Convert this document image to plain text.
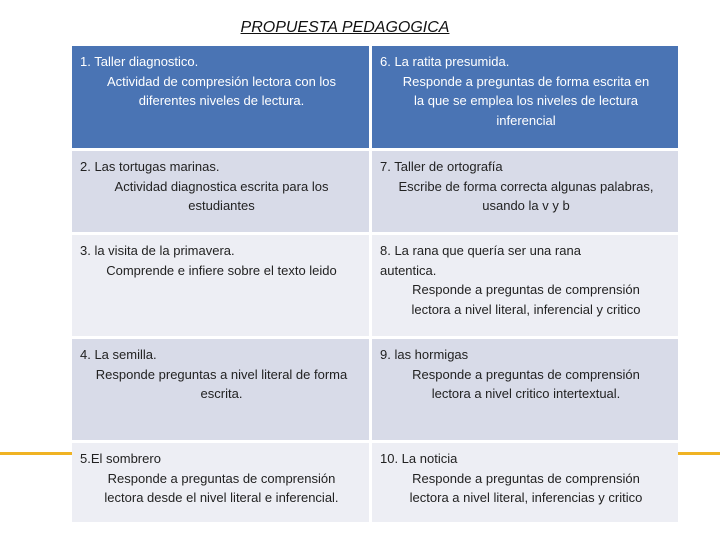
PROPUESTA PEDAGOGICA
1. Taller diagnostico.
Actividad de compresión lectora con los
diferentes niveles de lectura.
6. La ratita presumida.
Responde a preguntas de forma escrita en
la que se emplea los niveles de lectura
inferencial
2. Las tortugas marinas.
Actividad diagnostica escrita para los
estudiantes
7. Taller de ortografía
Escribe de forma correcta algunas palabras,
usando la v y b
3. la visita de la primavera.
Comprende e infiere sobre el texto leido
8. La rana que quería ser una rana
autentica.
Responde a preguntas de comprensión
lectora a nivel literal, inferencial y critico
4. La semilla.
Responde preguntas a nivel literal de forma
escrita.
9. las hormigas
Responde a preguntas de comprensión
lectora a nivel critico intertextual.
5.El sombrero
Responde a preguntas de comprensión
lectora desde el nivel literal e inferencial.
10. La noticia
Responde a preguntas de comprensión
lectora a nivel literal, inferencias y critico
